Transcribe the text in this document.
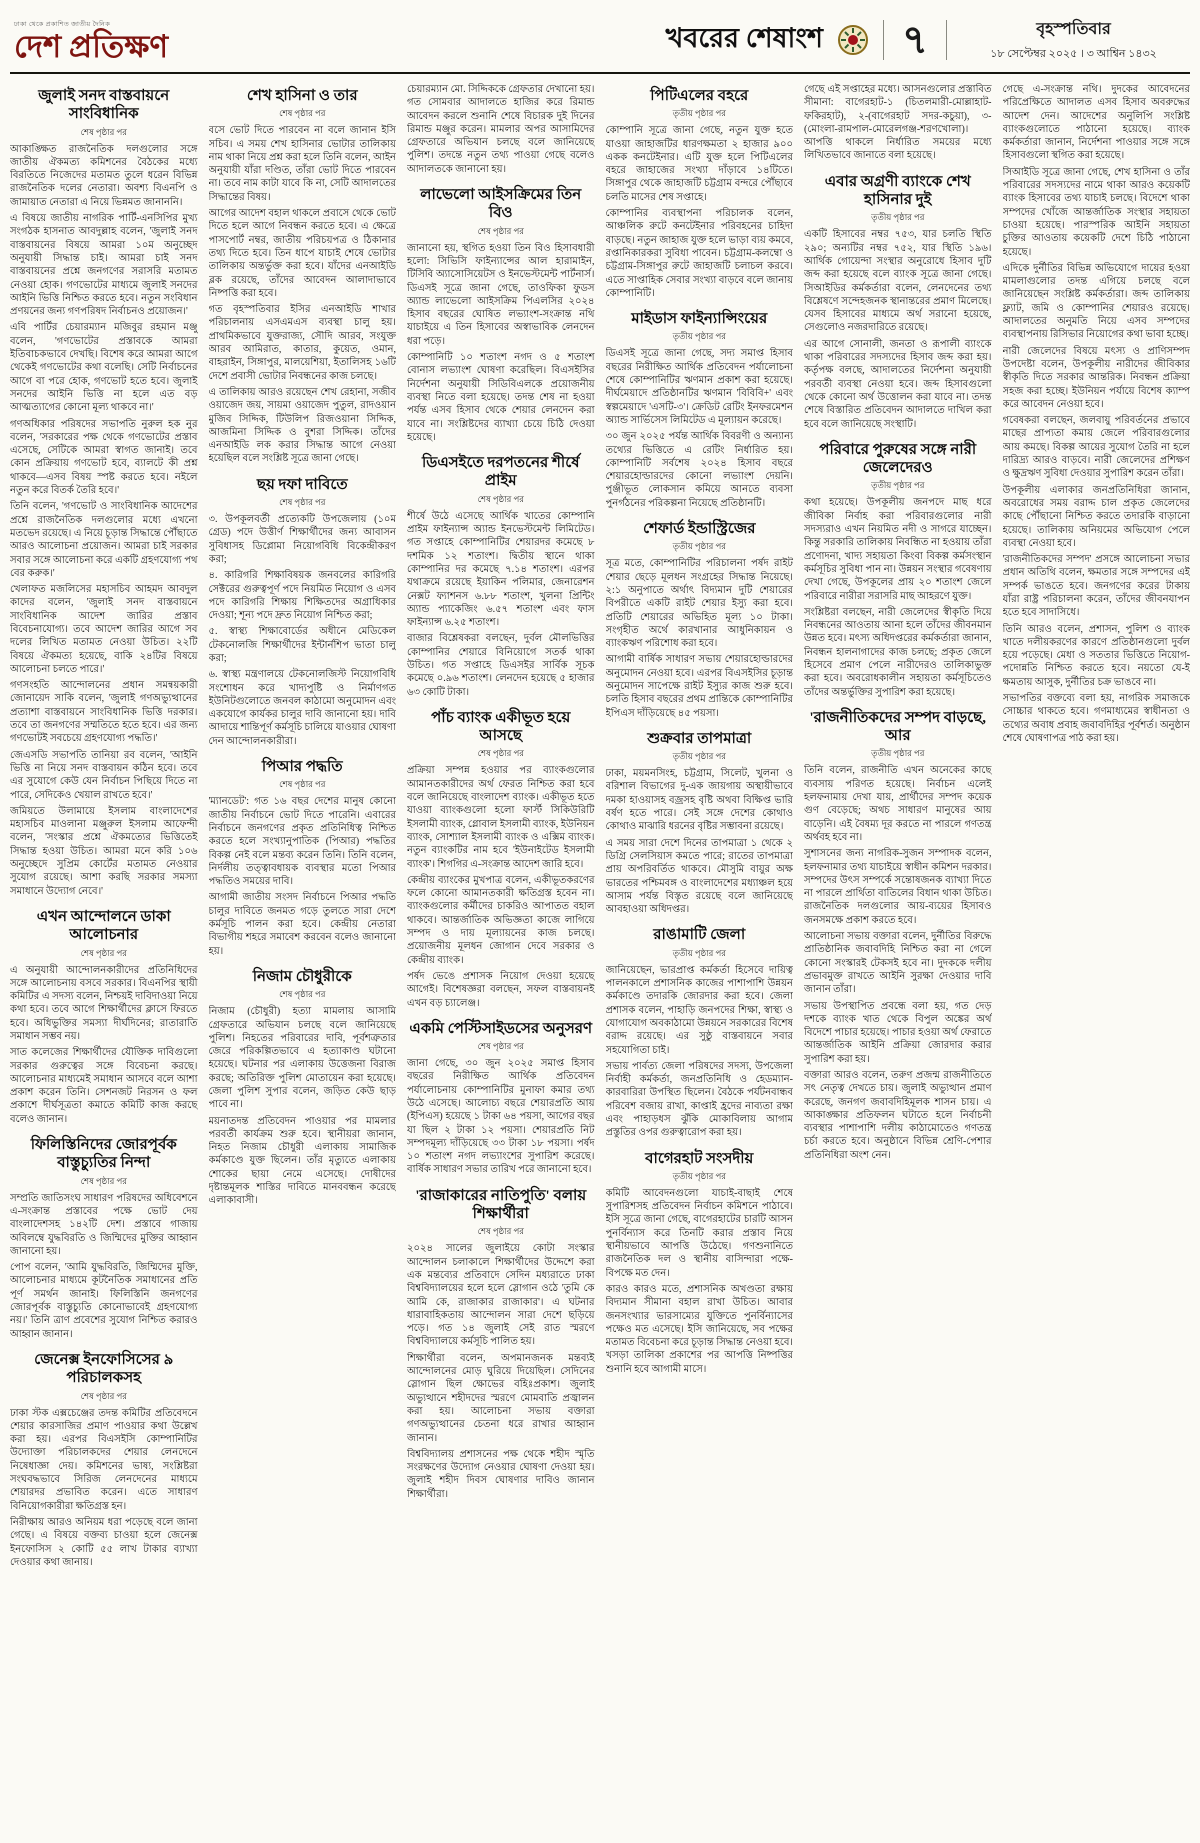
ঢাকা থেকে প্রকাশিত জাতীয় দৈনিক
দেশ প্রতিক্ষণ	খবরের শেষাংশ	৭	বৃহস্পতিবার
১৮ সেপ্টেম্বর ২০২৫ । ৩ আশ্বিন ১৪৩২
জুলাই সনদ বাস্তবায়নে সাংবিধানিক
শেষ পৃষ্ঠার পর

আকাঙ্ক্ষিত রাজনৈতিক দলগুলোর সঙ্গে জাতীয় ঐকমত্য কমিশনের বৈঠকের মধ্যে বিরতিতে নিজেদের মতামত তুলে ধরেন বিভিন্ন রাজনৈতিক দলের নেতারা। অবশ্য বিএনপি ও জামায়াত নেতারা এ নিয়ে ভিন্নমত জানাননি।

এ বিষয়ে জাতীয় নাগরিক পার্টি-এনসিপির মুখ্য সংগঠক হাসনাত আবদুল্লাহ বলেন, 'জুলাই সনদ বাস্তবায়নের বিষয়ে আমরা ১০ম অনুচ্ছেদ অনুযায়ী সিদ্ধান্ত চাই। আমরা চাই সনদ বাস্তবায়নের প্রশ্নে জনগণের সরাসরি মতামত নেওয়া হোক। গণভোটের মাধ্যমে জুলাই সনদের আইনি ভিত্তি নিশ্চিত করতে হবে। নতুন সংবিধান প্রণয়নের জন্য গণপরিষদ নির্বাচনও প্রয়োজন।'

এবি পার্টির চেয়ারম্যান মজিবুর রহমান মঞ্জু বলেন, 'গণভোটের প্রস্তাবকে আমরা ইতিবাচকভাবে দেখছি। বিশেষ করে আমরা আগে থেকেই গণভোটের কথা বলেছি। সেটি নির্বাচনের আগে বা পরে হোক, গণভোট হতে হবে। জুলাই সনদের আইনি ভিত্তি না হলে এত বড় আত্মত্যাগের কোনো মূল্য থাকবে না।'

গণঅধিকার পরিষদের সভাপতি নুরুল হক নুর বলেন, 'সরকারের পক্ষ থেকে গণভোটের প্রস্তাব এসেছে, সেটিকে আমরা স্বাগত জানাই। তবে কোন প্রক্রিয়ায় গণভোট হবে, ব্যালটে কী প্রশ্ন থাকবে—এসব বিষয় স্পষ্ট করতে হবে। নইলে নতুন করে বিতর্ক তৈরি হবে।'

তিনি বলেন, 'গণভোট ও সাংবিধানিক আদেশের প্রশ্নে রাজনৈতিক দলগুলোর মধ্যে এখনো মতভেদ রয়েছে। এ নিয়ে চূড়ান্ত সিদ্ধান্তে পৌঁছাতে আরও আলোচনা প্রয়োজন। আমরা চাই সরকার সবার সঙ্গে আলোচনা করে একটি গ্রহণযোগ্য পথ বের করুক।'

খেলাফত মজলিসের মহাসচিব আহমদ আবদুল কাদের বলেন, 'জুলাই সনদ বাস্তবায়নে সাংবিধানিক আদেশ জারির প্রস্তাব বিবেচনাযোগ্য। তবে আদেশ জারির আগে সব দলের লিখিত মতামত নেওয়া উচিত। ২২টি বিষয়ে ঐকমত্য হয়েছে, বাকি ২৪টির বিষয়ে আলোচনা চলতে পারে।'

গণসংহতি আন্দোলনের প্রধান সমন্বয়কারী জোনায়েদ সাকি বলেন, 'জুলাই গণঅভ্যুত্থানের প্রত্যাশা বাস্তবায়নে সাংবিধানিক ভিত্তি দরকার। তবে তা জনগণের সম্মতিতে হতে হবে। এর জন্য গণভোটই সবচেয়ে গ্রহণযোগ্য পদ্ধতি।'

জেএসডি সভাপতি তানিয়া রব বলেন, 'আইনি ভিত্তি না নিয়ে সনদ বাস্তবায়ন কঠিন হবে। তবে এর সুযোগে কেউ যেন নির্বাচন পিছিয়ে দিতে না পারে, সেদিকেও খেয়াল রাখতে হবে।'

জমিয়তে উলামায়ে ইসলাম বাংলাদেশের মহাসচিব মাওলানা মঞ্জুরুল ইসলাম আফেন্দী বলেন, 'সংস্কার প্রশ্নে ঐকমত্যের ভিত্তিতেই সিদ্ধান্ত হওয়া উচিত। আমরা মনে করি ১০৬ অনুচ্ছেদে সুপ্রিম কোর্টের মতামত নেওয়ার সুযোগ রয়েছে। আশা করছি সরকার সমস্যা সমাধানে উদ্যোগ নেবে।'

এখন আন্দোলনে ডাকা আলোচনার
শেষ পৃষ্ঠার পর

এ অনুযায়ী আন্দোলনকারীদের প্রতিনিধিদের সঙ্গে আলোচনায় বসবে সরকার। বিএনপির স্থায়ী কমিটির এ সদস্য বলেন, নিশ্চয়ই দাবিদাওয়া নিয়ে কথা হবে। তবে আগে শিক্ষার্থীদের ক্লাসে ফিরতে হবে। অধিভুক্তির সমস্যা দীর্ঘদিনের; রাতারাতি সমাধান সম্ভব নয়।

সাত কলেজের শিক্ষার্থীদের যৌক্তিক দাবিগুলো সরকার গুরুত্বের সঙ্গে বিবেচনা করছে। আলোচনার মাধ্যমেই সমাধান আসবে বলে আশা প্রকাশ করেন তিনি। সেশনজট নিরসন ও ফল প্রকাশে দীর্ঘসূত্রতা কমাতে কমিটি কাজ করছে বলেও জানান।

ফিলিস্তিনিদের জোরপূর্বক বাস্তুচ্যুতির নিন্দা
শেষ পৃষ্ঠার পর

সম্প্রতি জাতিসংঘ সাধারণ পরিষদের অধিবেশনে এ-সংক্রান্ত প্রস্তাবের পক্ষে ভোট দেয় বাংলাদেশসহ ১৪২টি দেশ। প্রস্তাবে গাজায় অবিলম্বে যুদ্ধবিরতি ও জিম্মিদের মুক্তির আহ্বান জানানো হয়।

পোপ বলেন, 'আমি যুদ্ধবিরতি, জিম্মিদের মুক্তি, আলোচনার মাধ্যমে কূটনৈতিক সমাধানের প্রতি পূর্ণ সমর্থন জানাই। ফিলিস্তিনি জনগণের জোরপূর্বক বাস্তুচ্যুতি কোনোভাবেই গ্রহণযোগ্য নয়।' তিনি ত্রাণ প্রবেশের সুযোগ নিশ্চিত করারও আহ্বান জানান।

জেনেক্স ইনফোসিসের ৯ পরিচালকসহ
শেষ পৃষ্ঠার পর

ঢাকা স্টক এক্সচেঞ্জের তদন্ত কমিটির প্রতিবেদনে শেয়ার কারসাজির প্রমাণ পাওয়ার কথা উল্লেখ করা হয়। এরপর বিএসইসি কোম্পানিটির উদ্যোক্তা পরিচালকদের শেয়ার লেনদেনে নিষেধাজ্ঞা দেয়। কমিশনের ভাষ্য, সংশ্লিষ্টরা সংঘবদ্ধভাবে সিরিজ লেনদেনের মাধ্যমে শেয়ারদর প্রভাবিত করেন। এতে সাধারণ বিনিয়োগকারীরা ক্ষতিগ্রস্ত হন।

নিরীক্ষায় আরও অনিয়ম ধরা পড়েছে বলে জানা গেছে। এ বিষয়ে বক্তব্য চাওয়া হলে জেনেক্স ইনফোসিস ২ কোটি ৫৫ লাখ টাকার ব্যাখ্যা দেওয়ার কথা জানায়।

শেখ হাসিনা ও তার
শেষ পৃষ্ঠার পর

বসে ভোট দিতে পারবেন না বলে জানান ইসি সচিব। এ সময় শেখ হাসিনার ভোটার তালিকায় নাম থাকা নিয়ে প্রশ্ন করা হলে তিনি বলেন, আইন অনুযায়ী যাঁরা দণ্ডিত, তাঁরা ভোট দিতে পারবেন না। তবে নাম কাটা যাবে কি না, সেটি আদালতের সিদ্ধান্তের বিষয়।

আগের আদেশ বহাল থাকলে প্রবাসে থেকে ভোট দিতে হলে আগে নিবন্ধন করতে হবে। এ ক্ষেত্রে পাসপোর্ট নম্বর, জাতীয় পরিচয়পত্র ও ঠিকানার তথ্য দিতে হবে। তিন ধাপে যাচাই শেষে ভোটার তালিকায় অন্তর্ভুক্ত করা হবে। যাঁদের এনআইডি ব্লক রয়েছে, তাঁদের আবেদন আলাদাভাবে নিষ্পত্তি করা হবে।

গত বৃহস্পতিবার ইসির এনআইডি শাখার পরিচালনায় এসএমএস ব্যবস্থা চালু হয়। প্রাথমিকভাবে যুক্তরাজ্য, সৌদি আরব, সংযুক্ত আরব আমিরাত, কাতার, কুয়েত, ওমান, বাহরাইন, সিঙ্গাপুর, মালয়েশিয়া, ইতালিসহ ১৬টি দেশে প্রবাসী ভোটার নিবন্ধনের কাজ চলছে।

এ তালিকায় আরও রয়েছেন শেখ রেহানা, সজীব ওয়াজেদ জয়, সায়মা ওয়াজেদ পুতুল, রাদওয়ান মুজিব সিদ্দিক, টিউলিপ রিজওয়ানা সিদ্দিক, আজমিনা সিদ্দিক ও বুশরা সিদ্দিক। তাঁদের এনআইডি লক করার সিদ্ধান্ত আগে নেওয়া হয়েছিল বলে সংশ্লিষ্ট সূত্রে জানা গেছে।

ছয় দফা দাবিতে
শেষ পৃষ্ঠার পর

৩. উপকূলবর্তী প্রত্যেকটি উপজেলায় (১০ম গ্রেড) পদে উত্তীর্ণ শিক্ষার্থীদের জন্য আবাসন সুবিধাসহ ডিপ্লোমা নিয়োগবিধি বিকেন্দ্রীকরণ করা;

৪. কারিগরি শিক্ষাবিষয়ক জনবলের কারিগরি সেক্টরের গুরুত্বপূর্ণ পদে নিয়মিত নিয়োগ ও এসব পদে কারিগরি শিক্ষায় শিক্ষিতদের অগ্রাধিকার দেওয়া; শূন্য পদে দ্রুত নিয়োগ নিশ্চিত করা;

৫. স্বাস্থ্য শিক্ষাবোর্ডের অধীনে মেডিকেল টেকনোলজি শিক্ষার্থীদের ইন্টার্নশিপ ভাতা চালু করা;

৬. স্বাস্থ্য মন্ত্রণালয়ে টেকনোলজিস্ট নিয়োগবিধি সংশোধন করে খাদ্যপুষ্টি ও নির্মাণগত ইউনিটগুলোতে জনবল কাঠামো অনুমোদন এবং একযোগে কার্যকর চালুর দাবি জানানো হয়। দাবি আদায়ে শান্তিপূর্ণ কর্মসূচি চালিয়ে যাওয়ার ঘোষণা দেন আন্দোলনকারীরা।

পিআর পদ্ধতি
শেষ পৃষ্ঠার পর

'ম্যানডেট': গত ১৬ বছর দেশের মানুষ কোনো জাতীয় নির্বাচনে ভোট দিতে পারেনি। এবারের নির্বাচনে জনগণের প্রকৃত প্রতিনিধিত্ব নিশ্চিত করতে হলে সংখ্যানুপাতিক (পিআর) পদ্ধতির বিকল্প নেই বলে মন্তব্য করেন তিনি। তিনি বলেন, নির্দলীয় তত্ত্বাবধায়ক ব্যবস্থার মতো পিআর পদ্ধতিও সময়ের দাবি।

আগামী জাতীয় সংসদ নির্বাচনে পিআর পদ্ধতি চালুর দাবিতে জনমত গড়ে তুলতে সারা দেশে কর্মসূচি পালন করা হবে। কেন্দ্রীয় নেতারা বিভাগীয় শহরে সমাবেশ করবেন বলেও জানানো হয়।

নিজাম চৌধুরীকে
শেষ পৃষ্ঠার পর

নিজাম (চৌধুরী) হত্যা মামলায় আসামি গ্রেফতারে অভিযান চলছে বলে জানিয়েছে পুলিশ। নিহতের পরিবারের দাবি, পূর্বশত্রুতার জেরে পরিকল্পিতভাবে এ হত্যাকাণ্ড ঘটানো হয়েছে। ঘটনার পর এলাকায় উত্তেজনা বিরাজ করছে; অতিরিক্ত পুলিশ মোতায়েন করা হয়েছে। জেলা পুলিশ সুপার বলেন, জড়িত কেউ ছাড় পাবে না।

ময়নাতদন্ত প্রতিবেদন পাওয়ার পর মামলার পরবর্তী কার্যক্রম শুরু হবে। স্থানীয়রা জানান, নিহত নিজাম চৌধুরী এলাকায় সামাজিক কর্মকাণ্ডে যুক্ত ছিলেন। তাঁর মৃত্যুতে এলাকায় শোকের ছায়া নেমে এসেছে। দোষীদের দৃষ্টান্তমূলক শাস্তির দাবিতে মানববন্ধন করেছে এলাকাবাসী।

চেয়ারম্যান মো. সিদ্দিককে গ্রেফতার দেখানো হয়। গত সোমবার আদালতে হাজির করে রিমান্ড আবেদন করলে শুনানি শেষে বিচারক দুই দিনের রিমান্ড মঞ্জুর করেন। মামলার অপর আসামিদের গ্রেফতারে অভিযান চলছে বলে জানিয়েছে পুলিশ। তদন্তে নতুন তথ্য পাওয়া গেছে বলেও আদালতকে জানানো হয়।

লাভেলো আইসক্রিমের তিন বিও
শেষ পৃষ্ঠার পর

জানানো হয়, স্থগিত হওয়া তিন বিও হিসাবধারী হলো: সিভিসি ফাইন্যান্সের আল হারামাইন, টিসিবি অ্যাসোসিয়েটস ও ইনভেস্টমেন্ট পার্টনার্স। ডিএসই সূত্রে জানা গেছে, তাওফিকা ফুডস অ্যান্ড লাভেলো আইসক্রিম পিএলসির ২০২৪ হিসাব বছরের ঘোষিত লভ্যাংশ-সংক্রান্ত নথি যাচাইয়ে এ তিন হিসাবের অস্বাভাবিক লেনদেন ধরা পড়ে।

কোম্পানিটি ১০ শতাংশ নগদ ও ৫ শতাংশ বোনাস লভ্যাংশ ঘোষণা করেছিল। বিএসইসির নির্দেশনা অনুযায়ী সিডিবিএলকে প্রয়োজনীয় ব্যবস্থা নিতে বলা হয়েছে। তদন্ত শেষ না হওয়া পর্যন্ত এসব হিসাব থেকে শেয়ার লেনদেন করা যাবে না। সংশ্লিষ্টদের ব্যাখ্যা চেয়ে চিঠি দেওয়া হয়েছে।

ডিএসইতে দরপতনের শীর্ষে প্রাইম
শেষ পৃষ্ঠার পর

শীর্ষে উঠে এসেছে আর্থিক খাতের কোম্পানি প্রাইম ফাইন্যান্স অ্যান্ড ইনভেস্টমেন্ট লিমিটেড। গত সপ্তাহে কোম্পানিটির শেয়ারদর কমেছে ৮ দশমিক ১২ শতাংশ। দ্বিতীয় স্থানে থাকা কোম্পানির দর কমেছে ৭.১৪ শতাংশ। এরপর যথাক্রমে রয়েছে ইয়াকিন পলিমার, জেনারেশন নেক্সট ফ্যাশনস ৬.৮৮ শতাংশ, খুলনা প্রিন্টিং অ্যান্ড প্যাকেজিং ৬.৫৭ শতাংশ এবং ফাস ফাইন্যান্স ৬.২৫ শতাংশ।

বাজার বিশ্লেষকরা বলছেন, দুর্বল মৌলভিত্তির কোম্পানির শেয়ারে বিনিয়োগে সতর্ক থাকা উচিত। গত সপ্তাহে ডিএসইর সার্বিক সূচক কমেছে ০.৯৬ শতাংশ। লেনদেন হয়েছে ৫ হাজার ৬৩ কোটি টাকা।

পাঁচ ব্যাংক একীভূত হয়ে আসছে
শেষ পৃষ্ঠার পর

প্রক্রিয়া সম্পন্ন হওয়ার পর ব্যাংকগুলোর আমানতকারীদের অর্থ ফেরত নিশ্চিত করা হবে বলে জানিয়েছে বাংলাদেশ ব্যাংক। একীভূত হতে যাওয়া ব্যাংকগুলো হলো ফার্স্ট সিকিউরিটি ইসলামী ব্যাংক, গ্লোবাল ইসলামী ব্যাংক, ইউনিয়ন ব্যাংক, সোশ্যাল ইসলামী ব্যাংক ও এক্সিম ব্যাংক। নতুন ব্যাংকটির নাম হবে 'ইউনাইটেড ইসলামী ব্যাংক'। শিগগির এ-সংক্রান্ত আদেশ জারি হবে।

কেন্দ্রীয় ব্যাংকের মুখপাত্র বলেন, একীভূতকরণের ফলে কোনো আমানতকারী ক্ষতিগ্রস্ত হবেন না। ব্যাংকগুলোর কর্মীদের চাকরিও আপাতত বহাল থাকবে। আন্তর্জাতিক অভিজ্ঞতা কাজে লাগিয়ে সম্পদ ও দায় মূল্যায়নের কাজ চলছে। প্রয়োজনীয় মূলধন জোগান দেবে সরকার ও কেন্দ্রীয় ব্যাংক।

পর্ষদ ভেঙে প্রশাসক নিয়োগ দেওয়া হয়েছে আগেই। বিশেষজ্ঞরা বলছেন, সফল বাস্তবায়নই এখন বড় চ্যালেঞ্জ।

একমি পেস্টিসাইডসের অনুসরণ
শেষ পৃষ্ঠার পর

জানা গেছে, ৩০ জুন ২০২৫ সমাপ্ত হিসাব বছরের নিরীক্ষিত আর্থিক প্রতিবেদন পর্যালোচনায় কোম্পানিটির মুনাফা কমার তথ্য উঠে এসেছে। আলোচ্য বছরে শেয়ারপ্রতি আয় (ইপিএস) হয়েছে ১ টাকা ৬৪ পয়সা, আগের বছর যা ছিল ২ টাকা ১২ পয়সা। শেয়ারপ্রতি নিট সম্পদমূল্য দাঁড়িয়েছে ৩৩ টাকা ১৮ পয়সা। পর্ষদ ১০ শতাংশ নগদ লভ্যাংশের সুপারিশ করেছে। বার্ষিক সাধারণ সভার তারিখ পরে জানানো হবে।

'রাজাকারের নাতিপুতি' বলায় শিক্ষার্থীরা
শেষ পৃষ্ঠার পর

২০২৪ সালের জুলাইয়ে কোটা সংস্কার আন্দোলন চলাকালে শিক্ষার্থীদের উদ্দেশে করা এক মন্তব্যের প্রতিবাদে সেদিন মধ্যরাতে ঢাকা বিশ্ববিদ্যালয়ের হলে হলে স্লোগান ওঠে 'তুমি কে আমি কে, রাজাকার রাজাকার'। এ ঘটনার ধারাবাহিকতায় আন্দোলন সারা দেশে ছড়িয়ে পড়ে। গত ১৪ জুলাই সেই রাত স্মরণে বিশ্ববিদ্যালয়ে কর্মসূচি পালিত হয়।

শিক্ষার্থীরা বলেন, অপমানজনক মন্তব্যই আন্দোলনের মোড় ঘুরিয়ে দিয়েছিল। সেদিনের স্লোগান ছিল ক্ষোভের বহিঃপ্রকাশ। জুলাই অভ্যুত্থানে শহীদদের স্মরণে মোমবাতি প্রজ্বালন করা হয়। আলোচনা সভায় বক্তারা গণঅভ্যুত্থানের চেতনা ধরে রাখার আহ্বান জানান।

বিশ্ববিদ্যালয় প্রশাসনের পক্ষ থেকে শহীদ স্মৃতি সংরক্ষণের উদ্যোগ নেওয়ার ঘোষণা দেওয়া হয়। জুলাই শহীদ দিবস ঘোষণার দাবিও জানান শিক্ষার্থীরা।

পিটিএলের বহরে
তৃতীয় পৃষ্ঠার পর

কোম্পানি সূত্রে জানা গেছে, নতুন যুক্ত হতে যাওয়া জাহাজটির ধারণক্ষমতা ২ হাজার ৯০০ একক কনটেইনার। এটি যুক্ত হলে পিটিএলের বহরে জাহাজের সংখ্যা দাঁড়াবে ১৪টিতে। সিঙ্গাপুর থেকে জাহাজটি চট্টগ্রাম বন্দরে পৌঁছাবে চলতি মাসের শেষ সপ্তাহে।

কোম্পানির ব্যবস্থাপনা পরিচালক বলেন, আঞ্চলিক রুটে কনটেইনার পরিবহনের চাহিদা বাড়ছে। নতুন জাহাজ যুক্ত হলে ভাড়া ব্যয় কমবে, রপ্তানিকারকরা সুবিধা পাবেন। চট্টগ্রাম-কলম্বো ও চট্টগ্রাম-সিঙ্গাপুর রুটে জাহাজটি চলাচল করবে। এতে সাপ্তাহিক সেবার সংখ্যা বাড়বে বলে জানায় কোম্পানিটি।

মাইডাস ফাইন্যান্সিংয়ের
তৃতীয় পৃষ্ঠার পর

ডিএসই সূত্রে জানা গেছে, সদ্য সমাপ্ত হিসাব বছরের নিরীক্ষিত আর্থিক প্রতিবেদন পর্যালোচনা শেষে কোম্পানিটির ঋণমান প্রকাশ করা হয়েছে। দীর্ঘমেয়াদে প্রতিষ্ঠানটির ঋণমান 'বিবিবি+' এবং স্বল্পমেয়াদে 'এসটি-৩'। ক্রেডিট রেটিং ইনফরমেশন অ্যান্ড সার্ভিসেস লিমিটেড এ মূল্যায়ন করেছে।

৩০ জুন ২০২৫ পর্যন্ত আর্থিক বিবরণী ও অন্যান্য তথ্যের ভিত্তিতে এ রেটিং নির্ধারিত হয়। কোম্পানিটি সর্বশেষ ২০২৪ হিসাব বছরে শেয়ারহোল্ডারদের কোনো লভ্যাংশ দেয়নি। পুঞ্জীভূত লোকসান কমিয়ে আনতে ব্যবসা পুনর্গঠনের পরিকল্পনা নিয়েছে প্রতিষ্ঠানটি।

শেফার্ড ইন্ডাস্ট্রিজের
তৃতীয় পৃষ্ঠার পর

সূত্র মতে, কোম্পানিটির পরিচালনা পর্ষদ রাইট শেয়ার ছেড়ে মূলধন সংগ্রহের সিদ্ধান্ত নিয়েছে। ২:১ অনুপাতে অর্থাৎ বিদ্যমান দুটি শেয়ারের বিপরীতে একটি রাইট শেয়ার ইস্যু করা হবে। প্রতিটি শেয়ারের অভিহিত মূল্য ১০ টাকা। সংগৃহীত অর্থে কারখানার আধুনিকায়ন ও ব্যাংকঋণ পরিশোধ করা হবে।

আগামী বার্ষিক সাধারণ সভায় শেয়ারহোল্ডারদের অনুমোদন নেওয়া হবে। এরপর বিএসইসির চূড়ান্ত অনুমোদন সাপেক্ষে রাইট ইস্যুর কাজ শুরু হবে। চলতি হিসাব বছরের প্রথম প্রান্তিকে কোম্পানিটির ইপিএস দাঁড়িয়েছে ৪৫ পয়সা।

শুক্রবার তাপমাত্রা
তৃতীয় পৃষ্ঠার পর

ঢাকা, ময়মনসিংহ, চট্টগ্রাম, সিলেট, খুলনা ও বরিশাল বিভাগের দু-এক জায়গায় অস্থায়ীভাবে দমকা হাওয়াসহ বজ্রসহ বৃষ্টি অথবা বিক্ষিপ্ত ভারি বর্ষণ হতে পারে। সেই সঙ্গে দেশের কোথাও কোথাও মাঝারি ধরনের বৃষ্টির সম্ভাবনা রয়েছে।

এ সময় সারা দেশে দিনের তাপমাত্রা ১ থেকে ২ ডিগ্রি সেলসিয়াস কমতে পারে; রাতের তাপমাত্রা প্রায় অপরিবর্তিত থাকবে। মৌসুমি বায়ুর অক্ষ ভারতের পশ্চিমবঙ্গ ও বাংলাদেশের মধ্যাঞ্চল হয়ে আসাম পর্যন্ত বিস্তৃত রয়েছে বলে জানিয়েছে আবহাওয়া অধিদপ্তর।

রাঙামাটি জেলা
তৃতীয় পৃষ্ঠার পর

জানিয়েছেন, ভারপ্রাপ্ত কর্মকর্তা হিসেবে দায়িত্ব পালনকালে প্রশাসনিক কাজের পাশাপাশি উন্নয়ন কর্মকাণ্ডে তদারকি জোরদার করা হবে। জেলা প্রশাসক বলেন, পাহাড়ি জনপদের শিক্ষা, স্বাস্থ্য ও যোগাযোগ অবকাঠামো উন্নয়নে সরকারের বিশেষ বরাদ্দ রয়েছে। এর সুষ্ঠু বাস্তবায়নে সবার সহযোগিতা চাই।

সভায় পার্বত্য জেলা পরিষদের সদস্য, উপজেলা নির্বাহী কর্মকর্তা, জনপ্রতিনিধি ও হেডম্যান-কারবারিরা উপস্থিত ছিলেন। বৈঠকে পর্যটনবান্ধব পরিবেশ বজায় রাখা, কাপ্তাই হ্রদের নাব্যতা রক্ষা এবং পাহাড়ধস ঝুঁকি মোকাবিলায় আগাম প্রস্তুতির ওপর গুরুত্বারোপ করা হয়।

বাগেরহাট সংসদীয়
তৃতীয় পৃষ্ঠার পর

কমিটি আবেদনগুলো যাচাই-বাছাই শেষে সুপারিশসহ প্রতিবেদন নির্বাচন কমিশনে পাঠাবে। ইসি সূত্রে জানা গেছে, বাগেরহাটের চারটি আসন পুনর্বিন্যাস করে তিনটি করার প্রস্তাব নিয়ে স্থানীয়ভাবে আপত্তি উঠেছে। গণশুনানিতে রাজনৈতিক দল ও স্থানীয় বাসিন্দারা পক্ষে-বিপক্ষে মত দেন।

কারও কারও মতে, প্রশাসনিক অখণ্ডতা রক্ষায় বিদ্যমান সীমানা বহাল রাখা উচিত। আবার জনসংখ্যার ভারসাম্যের যুক্তিতে পুনর্বিন্যাসের পক্ষেও মত এসেছে। ইসি জানিয়েছে, সব পক্ষের মতামত বিবেচনা করে চূড়ান্ত সিদ্ধান্ত নেওয়া হবে। খসড়া তালিকা প্রকাশের পর আপত্তি নিষ্পত্তির শুনানি হবে আগামী মাসে।

গেছে এই সপ্তাহের মধ্যে। আসনগুলোর প্রস্তাবিত সীমানা: বাগেরহাট-১ (চিতলমারী-মোল্লাহাট-ফকিরহাট), ২-(বাগেরহাট সদর-কচুয়া), ৩-(মোংলা-রামপাল-মোরেলগঞ্জ-শরণখোলা)। আপত্তি থাকলে নির্ধারিত সময়ের মধ্যে লিখিতভাবে জানাতে বলা হয়েছে।

এবার অগ্রণী ব্যাংকে শেখ হাসিনার দুই
তৃতীয় পৃষ্ঠার পর

একটি হিসাবের নম্বর ৭৫৩, যার চলতি স্থিতি ২৯০; অন্যটির নম্বর ৭৫২, যার স্থিতি ১৯৬। আর্থিক গোয়েন্দা সংস্থার অনুরোধে হিসাব দুটি জব্দ করা হয়েছে বলে ব্যাংক সূত্রে জানা গেছে। সিআইডির কর্মকর্তারা বলেন, লেনদেনের তথ্য বিশ্লেষণে সন্দেহজনক স্থানান্তরের প্রমাণ মিলেছে। যেসব হিসাবের মাধ্যমে অর্থ সরানো হয়েছে, সেগুলোও নজরদারিতে রয়েছে।

এর আগে সোনালী, জনতা ও রূপালী ব্যাংকে থাকা পরিবারের সদস্যদের হিসাব জব্দ করা হয়। কর্তৃপক্ষ বলছে, আদালতের নির্দেশনা অনুযায়ী পরবর্তী ব্যবস্থা নেওয়া হবে। জব্দ হিসাবগুলো থেকে কোনো অর্থ উত্তোলন করা যাবে না। তদন্ত শেষে বিস্তারিত প্রতিবেদন আদালতে দাখিল করা হবে বলে জানিয়েছে সংস্থাটি।

পরিবারে পুরুষের সঙ্গে নারী জেলেদেরও
তৃতীয় পৃষ্ঠার পর

কথা হয়েছে। উপকূলীয় জনপদে মাছ ধরে জীবিকা নির্বাহ করা পরিবারগুলোর নারী সদস্যরাও এখন নিয়মিত নদী ও সাগরে যাচ্ছেন। কিন্তু সরকারি তালিকায় নিবন্ধিত না হওয়ায় তাঁরা প্রণোদনা, খাদ্য সহায়তা কিংবা বিকল্প কর্মসংস্থান কর্মসূচির সুবিধা পান না। উন্নয়ন সংস্থার গবেষণায় দেখা গেছে, উপকূলের প্রায় ২০ শতাংশ জেলে পরিবারে নারীরা সরাসরি মাছ আহরণে যুক্ত।

সংশ্লিষ্টরা বলছেন, নারী জেলেদের স্বীকৃতি দিয়ে নিবন্ধনের আওতায় আনা হলে তাঁদের জীবনমান উন্নত হবে। মৎস্য অধিদপ্তরের কর্মকর্তারা জানান, নিবন্ধন হালনাগাদের কাজ চলছে; প্রকৃত জেলে হিসেবে প্রমাণ পেলে নারীদেরও তালিকাভুক্ত করা হবে। অবরোধকালীন সহায়তা কর্মসূচিতেও তাঁদের অন্তর্ভুক্তির সুপারিশ করা হয়েছে।

'রাজনীতিকদের সম্পদ বাড়ছে, আর
তৃতীয় পৃষ্ঠার পর

তিনি বলেন, রাজনীতি এখন অনেকের কাছে ব্যবসায় পরিণত হয়েছে। নির্বাচন এলেই হলফনামায় দেখা যায়, প্রার্থীদের সম্পদ কয়েক গুণ বেড়েছে; অথচ সাধারণ মানুষের আয় বাড়েনি। এই বৈষম্য দূর করতে না পারলে গণতন্ত্র অর্থবহ হবে না।

সুশাসনের জন্য নাগরিক-সুজন সম্পাদক বলেন, হলফনামার তথ্য যাচাইয়ে স্বাধীন কমিশন দরকার। সম্পদের উৎস সম্পর্কে সন্তোষজনক ব্যাখ্যা দিতে না পারলে প্রার্থিতা বাতিলের বিধান থাকা উচিত। রাজনৈতিক দলগুলোর আয়-ব্যয়ের হিসাবও জনসমক্ষে প্রকাশ করতে হবে।

আলোচনা সভায় বক্তারা বলেন, দুর্নীতির বিরুদ্ধে প্রাতিষ্ঠানিক জবাবদিহি নিশ্চিত করা না গেলে কোনো সংস্কারই টেকসই হবে না। দুদককে দলীয় প্রভাবমুক্ত রাখতে আইনি সুরক্ষা দেওয়ার দাবি জানান তাঁরা।

সভায় উপস্থাপিত প্রবন্ধে বলা হয়, গত দেড় দশকে ব্যাংক খাত থেকে বিপুল অঙ্কের অর্থ বিদেশে পাচার হয়েছে। পাচার হওয়া অর্থ ফেরাতে আন্তর্জাতিক আইনি প্রক্রিয়া জোরদার করার সুপারিশ করা হয়।

বক্তারা আরও বলেন, তরুণ প্রজন্ম রাজনীতিতে সৎ নেতৃত্ব দেখতে চায়। জুলাই অভ্যুত্থান প্রমাণ করেছে, জনগণ জবাবদিহিমূলক শাসন চায়। এ আকাঙ্ক্ষার প্রতিফলন ঘটাতে হলে নির্বাচনী ব্যবস্থার পাশাপাশি দলীয় কাঠামোতেও গণতন্ত্র চর্চা করতে হবে। অনুষ্ঠানে বিভিন্ন শ্রেণি-পেশার প্রতিনিধিরা অংশ নেন।

গেছে এ-সংক্রান্ত নথি। দুদকের আবেদনের পরিপ্রেক্ষিতে আদালত এসব হিসাব অবরুদ্ধের আদেশ দেন। আদেশের অনুলিপি সংশ্লিষ্ট ব্যাংকগুলোতে পাঠানো হয়েছে। ব্যাংক কর্মকর্তারা জানান, নির্দেশনা পাওয়ার সঙ্গে সঙ্গে হিসাবগুলো স্থগিত করা হয়েছে।

সিআইডি সূত্রে জানা গেছে, শেখ হাসিনা ও তাঁর পরিবারের সদস্যদের নামে থাকা আরও কয়েকটি ব্যাংক হিসাবের তথ্য যাচাই চলছে। বিদেশে থাকা সম্পদের খোঁজে আন্তর্জাতিক সংস্থার সহায়তা চাওয়া হয়েছে। পারস্পরিক আইনি সহায়তা চুক্তির আওতায় কয়েকটি দেশে চিঠি পাঠানো হয়েছে।

এদিকে দুর্নীতির বিভিন্ন অভিযোগে দায়ের হওয়া মামলাগুলোর তদন্ত এগিয়ে চলছে বলে জানিয়েছেন সংশ্লিষ্ট কর্মকর্তারা। জব্দ তালিকায় ফ্ল্যাট, জমি ও কোম্পানির শেয়ারও রয়েছে। আদালতের অনুমতি নিয়ে এসব সম্পদের ব্যবস্থাপনায় রিসিভার নিয়োগের কথা ভাবা হচ্ছে।

নারী জেলেদের বিষয়ে মৎস্য ও প্রাণিসম্পদ উপদেষ্টা বলেন, উপকূলীয় নারীদের জীবিকার স্বীকৃতি দিতে সরকার আন্তরিক। নিবন্ধন প্রক্রিয়া সহজ করা হচ্ছে। ইউনিয়ন পর্যায়ে বিশেষ ক্যাম্প করে আবেদন নেওয়া হবে।

গবেষকরা বলছেন, জলবায়ু পরিবর্তনের প্রভাবে মাছের প্রাপ্যতা কমায় জেলে পরিবারগুলোর আয় কমছে। বিকল্প আয়ের সুযোগ তৈরি না হলে দারিদ্র্য আরও বাড়বে। নারী জেলেদের প্রশিক্ষণ ও ক্ষুদ্রঋণ সুবিধা দেওয়ার সুপারিশ করেন তাঁরা।

উপকূলীয় এলাকার জনপ্রতিনিধিরা জানান, অবরোধের সময় বরাদ্দ চাল প্রকৃত জেলেদের কাছে পৌঁছানো নিশ্চিত করতে তদারকি বাড়ানো হয়েছে। তালিকায় অনিয়মের অভিযোগ পেলে ব্যবস্থা নেওয়া হবে।

'রাজনীতিকদের সম্পদ' প্রসঙ্গে আলোচনা সভার প্রধান অতিথি বলেন, ক্ষমতার সঙ্গে সম্পদের এই সম্পর্ক ভাঙতে হবে। জনগণের করের টাকায় যাঁরা রাষ্ট্র পরিচালনা করেন, তাঁদের জীবনযাপন হতে হবে সাদাসিধে।

তিনি আরও বলেন, প্রশাসন, পুলিশ ও ব্যাংক খাতে দলীয়করণের কারণে প্রতিষ্ঠানগুলো দুর্বল হয়ে পড়েছে। মেধা ও সততার ভিত্তিতে নিয়োগ-পদোন্নতি নিশ্চিত করতে হবে। নয়তো যে-ই ক্ষমতায় আসুক, দুর্নীতির চক্র ভাঙবে না।

সভাপতির বক্তব্যে বলা হয়, নাগরিক সমাজকে সোচ্চার থাকতে হবে। গণমাধ্যমের স্বাধীনতা ও তথ্যের অবাধ প্রবাহ জবাবদিহির পূর্বশর্ত। অনুষ্ঠান শেষে ঘোষণাপত্র পাঠ করা হয়।
